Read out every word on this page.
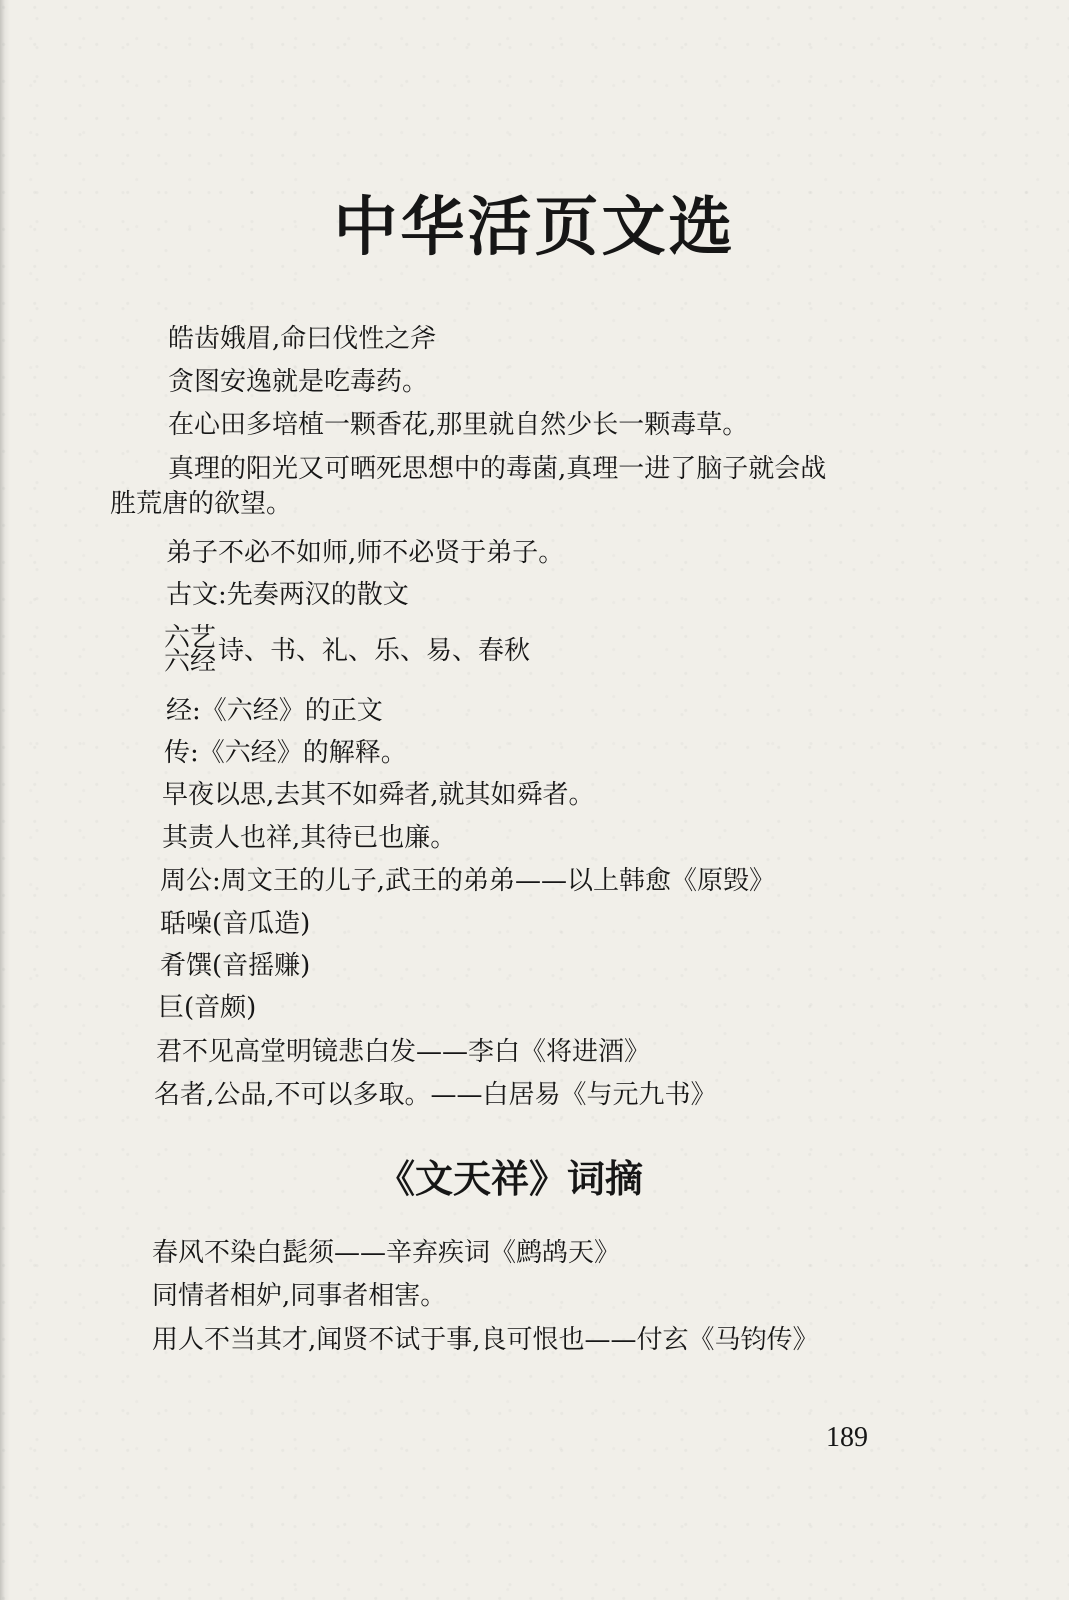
中华活页文选
皓齿娥眉,命曰伐性之斧
贪图安逸就是吃毒药。
在心田多培植一颗香花,那里就自然少长一颗毒草。
真理的阳光又可晒死思想中的毒菌,真理一进了脑子就会战
胜荒唐的欲望。
弟子不必不如师,师不必贤于弟子。
古文:先奏两汉的散文
六艺
六经 诗、书、礼、乐、易、春秋
经:《六经》的正文
传:《六经》的解释。
早夜以思,去其不如舜者,就其如舜者。
其责人也祥,其待已也廉。
周公:周文王的儿子,武王的弟弟——以上韩愈《原毁》
聒噪(音瓜造)
肴馔(音摇赚)
巨(音颇)
君不见高堂明镜悲白发——李白《将进酒》
名者,公品,不可以多取。——白居易《与元九书》
《文天祥》词摘
春风不染白髭须——辛弃疾词《鹧鸪天》
同情者相妒,同事者相害。
用人不当其才,闻贤不试于事,良可恨也——付玄《马钧传》
189
